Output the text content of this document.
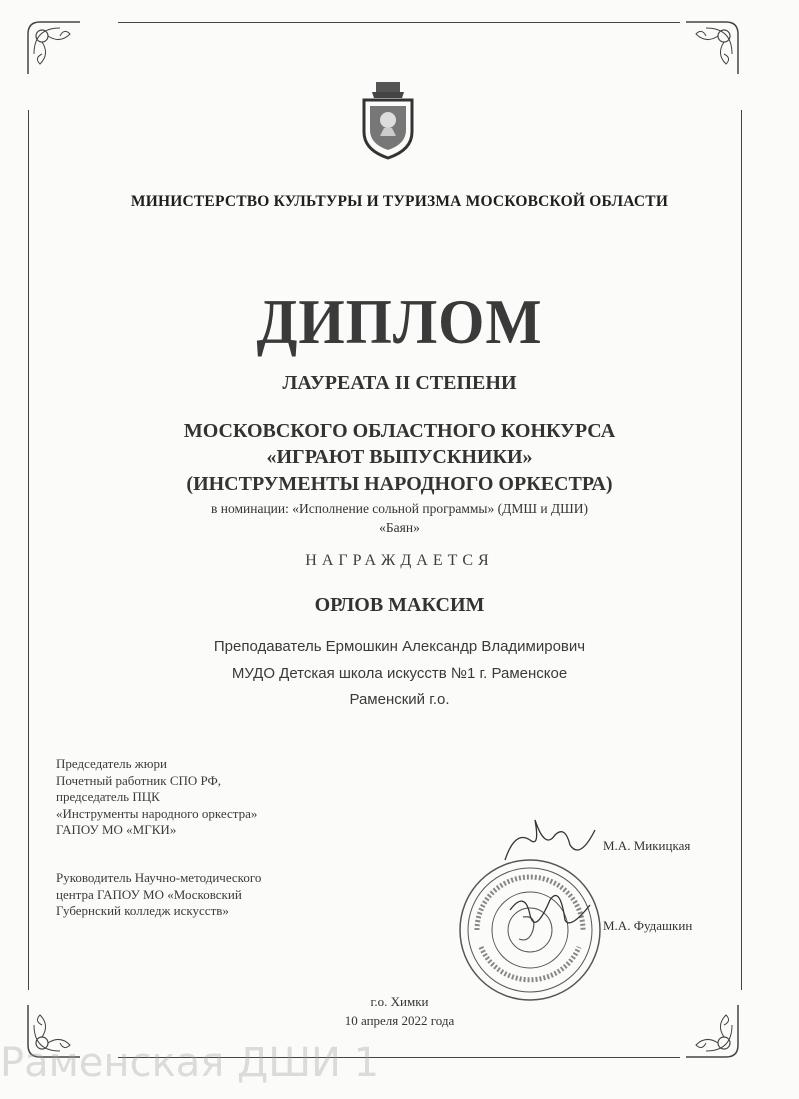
МИНИСТЕРСТВО КУЛЬТУРЫ И ТУРИЗМА МОСКОВСКОЙ ОБЛАСТИ
ДИПЛОМ
ЛАУРЕАТА II СТЕПЕНИ
МОСКОВСКОГО ОБЛАСТНОГО КОНКУРСА
«ИГРАЮТ ВЫПУСКНИКИ»
(ИНСТРУМЕНТЫ НАРОДНОГО ОРКЕСТРА)
в номинации: «Исполнение сольной программы» (ДМШ и ДШИ)
«Баян»
НАГРАЖДАЕТСЯ
ОРЛОВ МАКСИМ
Преподаватель Ермошкин Александр Владимирович
МУДО Детская школа искусств №1 г. Раменское
Раменский г.о.
Председатель жюри
Почетный работник СПО РФ,
председатель ПЦК
«Инструменты народного оркестра»
ГАПОУ МО «МГКИ»
М.А. Микицкая
Руководитель Научно-методического
центра ГАПОУ МО «Московский
Губернский колледж искусств»
М.А. Фудашкин
г.о. Химки
10 апреля 2022 года
Раменская ДШИ 1
